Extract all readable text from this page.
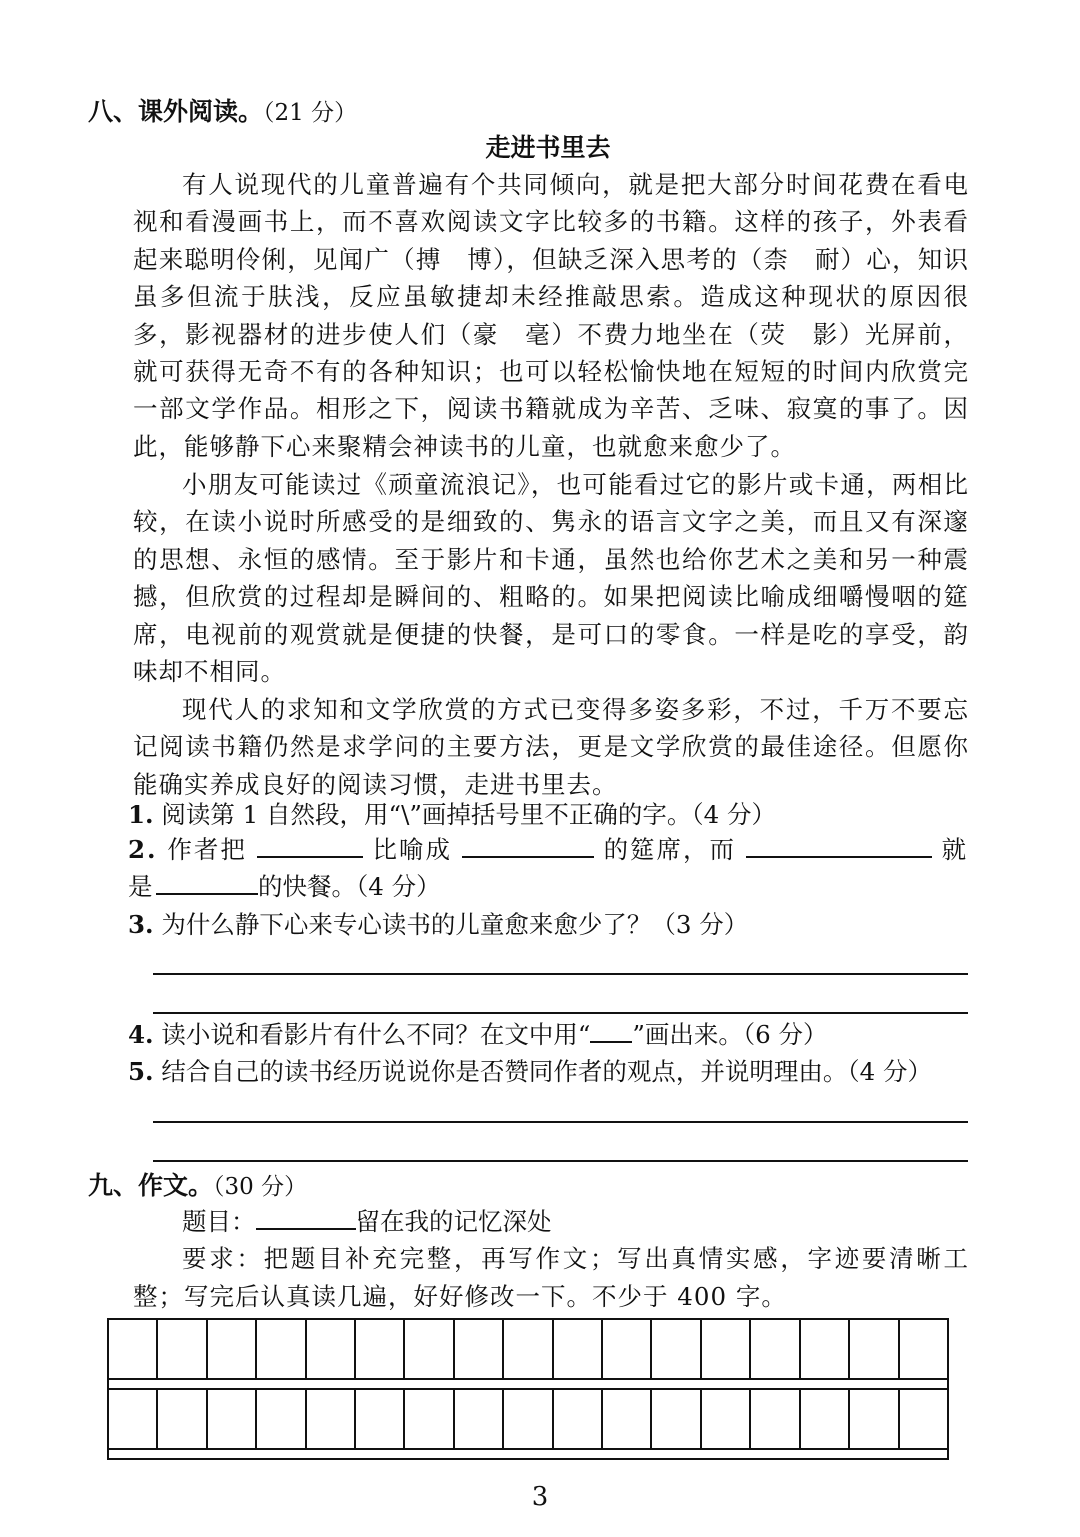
八、课外阅读。（21 分）
走进书里去
有人说现代的儿童普遍有个共同倾向，就是把大部分时间花费在看电视和看漫画书上，而不喜欢阅读文字比较多的书籍。这样的孩子，外表看起来聪明伶俐，见闻广（搏　博），但缺乏深入思考的（柰　耐）心，知识虽多但流于肤浅，反应虽敏捷却未经推敲思索。造成这种现状的原因很多，影视器材的进步使人们（豪　毫）不费力地坐在（荧　影）光屏前，就可获得无奇不有的各种知识；也可以轻松愉快地在短短的时间内欣赏完一部文学作品。相形之下，阅读书籍就成为辛苦、乏味、寂寞的事了。因此，能够静下心来聚精会神读书的儿童，也就愈来愈少了。
小朋友可能读过《顽童流浪记》，也可能看过它的影片或卡通，两相比较，在读小说时所感受的是细致的、隽永的语言文字之美，而且又有深邃的思想、永恒的感情。至于影片和卡通，虽然也给你艺术之美和另一种震撼，但欣赏的过程却是瞬间的、粗略的。如果把阅读比喻成细嚼慢咽的筵席，电视前的观赏就是便捷的快餐，是可口的零食。一样是吃的享受，韵味却不相同。
现代人的求知和文学欣赏的方式已变得多姿多彩，不过，千万不要忘记阅读书籍仍然是求学问的主要方法，更是文学欣赏的最佳途径。但愿你能确实养成良好的阅读习惯，走进书里去。
1. 阅读第 1 自然段，用“\”画掉括号里不正确的字。（4 分）
2. 作者把	比喻成	的筵席，而	就是	的快餐。（4 分）
3. 为什么静下心来专心读书的儿童愈来愈少了？（3 分）
4. 读小说和看影片有什么不同？在文中用“ ”画出来。（6 分）
5. 结合自己的读书经历说说你是否赞同作者的观点，并说明理由。（4 分）
九、作文。（30 分）
题目：	留在我的记忆深处
要求：把题目补充完整，再写作文；写出真情实感，字迹要清晰工整；写完后认真读几遍，好好修改一下。不少于 400 字。
3
